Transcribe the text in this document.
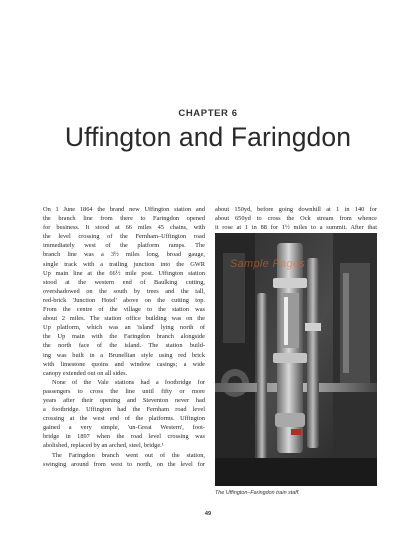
CHAPTER 6
Uffington and Faringdon
On 1 June 1864 the brand new Uffington station and
the branch line from there to Faringdon opened
for business. It stood at 66 miles 45 chains, with
the level crossing of the Fernham–Uffington road
immediately west of the platform ramps. The
branch line was a 3½ miles long, broad gauge,
single track with a trailing junction into the GWR
Up main line at the 66½ mile post. Uffington station
stood at the western end of Baulking cutting,
overshadowed on the south by trees and the tall,
red-brick 'Junction Hotel' above on the cutting top.
From the centre of the village to the station was
about 2 miles. The station office building was on the
Up platform, which was an 'island' lying north of
the Up main with the Faringdon branch alongside
the north face of the island. The station build-
ing was built in a Brunellian style using red brick
with limestone quoins and window casings; a wide
canopy extended out on all sides.
None of the Vale stations had a footbridge for
passengers to cross the line until fifty or more
years after their opening and Steventon never had
a footbridge. Uffington had the Fernham road level
crossing at the west end of the platforms. Uffington
gained a very simple, 'un-Great Western', foot-
bridge in 1897 when the road level crossing was
abolished, replaced by an arched, steel, bridge.¹
The Faringdon branch went out of the station,
swinging around from west to north, on the level for
about 150yd, before going downhill at 1 in 140 for
about 650yd to cross the Ock stream from whence
it rose at 1 in 88 for 1½ miles to a summit. After that
Sample Pages
The Uffington–Faringdon train staff.
49
